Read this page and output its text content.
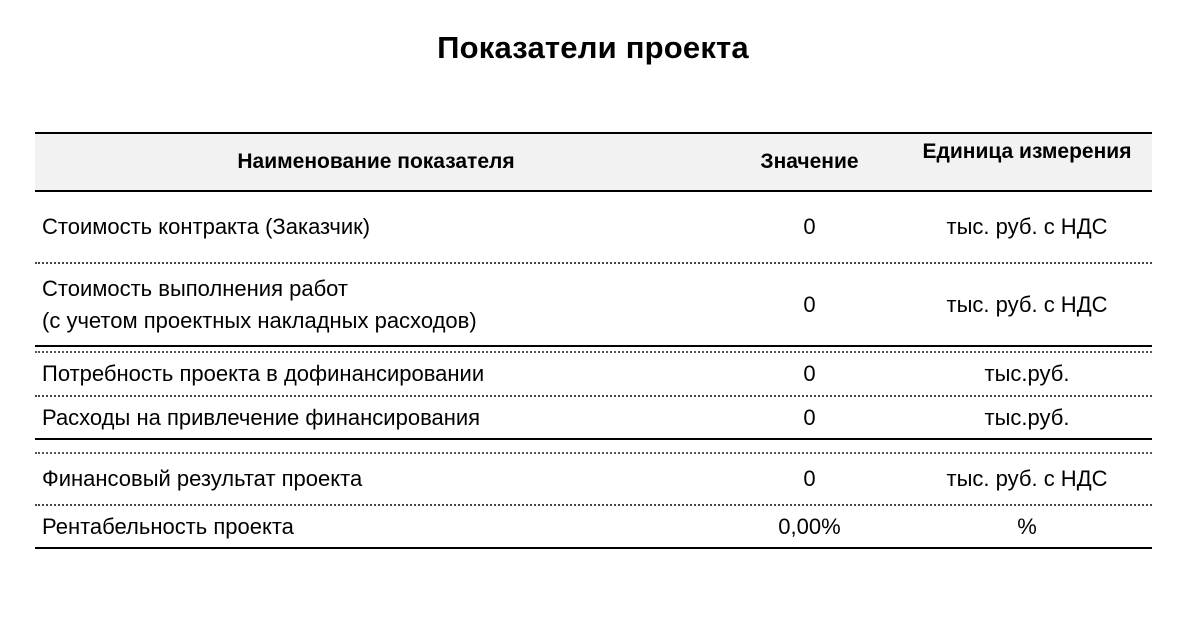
Показатели проекта
Наименование показателя	Значение	Единица измерения
Стоимость контракта (Заказчик)	0	тыс. руб. с НДС
Стоимость выполнения работ
(с учетом проектных накладных расходов)
0	тыс. руб. с НДС
Потребность проекта в дофинансировании	0	тыс.руб.
Расходы на привлечение финансирования	0	тыс.руб.
Финансовый результат проекта	0	тыс. руб. с НДС
Рентабельность проекта	0,00%	%
